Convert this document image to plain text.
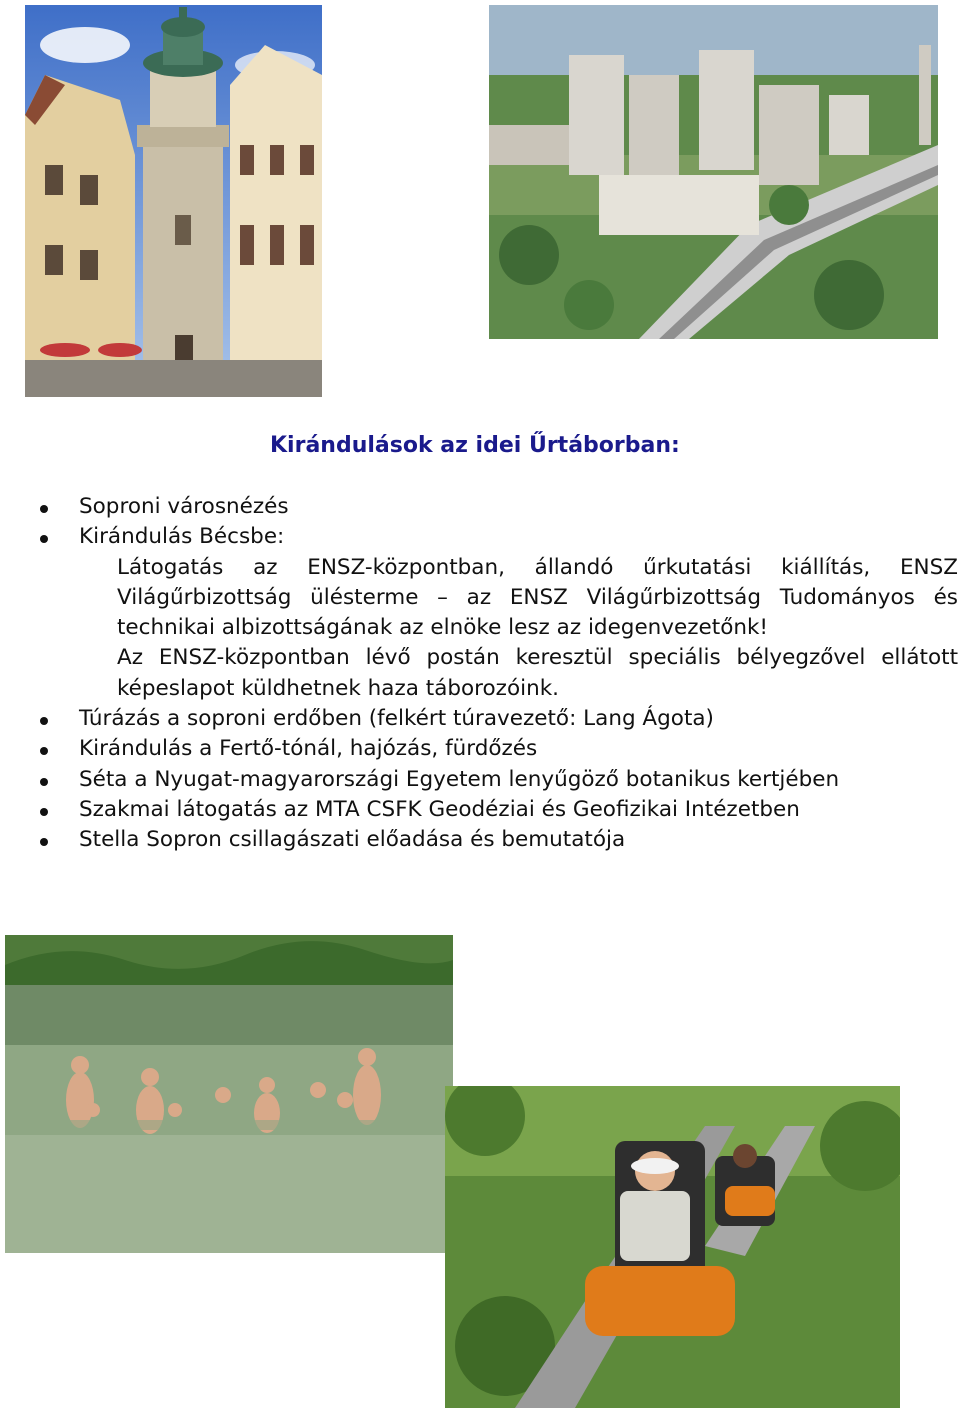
Kirándulások az idei Űrtáborban:
Soproni városnézés
Kirándulás Bécsbe:
Látogatás az ENSZ-központban, állandó űrkutatási kiállítás, ENSZ Világűrbizottság ülésterme – az ENSZ Világűrbizottság Tudományos és technikai albizottságának az elnöke lesz az idegenvezetőnk!
Az ENSZ-központban lévő postán keresztül speciális bélyegzővel ellátott képeslapot küldhetnek haza táborozóink.
Túrázás a soproni erdőben (felkért túravezető: Lang Ágota)
Kirándulás a Fertő-tónál, hajózás, fürdőzés
Séta a Nyugat-magyarországi Egyetem lenyűgöző botanikus kertjében
Szakmai látogatás az MTA CSFK Geodéziai és Geofizikai Intézetben
Stella Sopron csillagászati előadása és bemutatója
